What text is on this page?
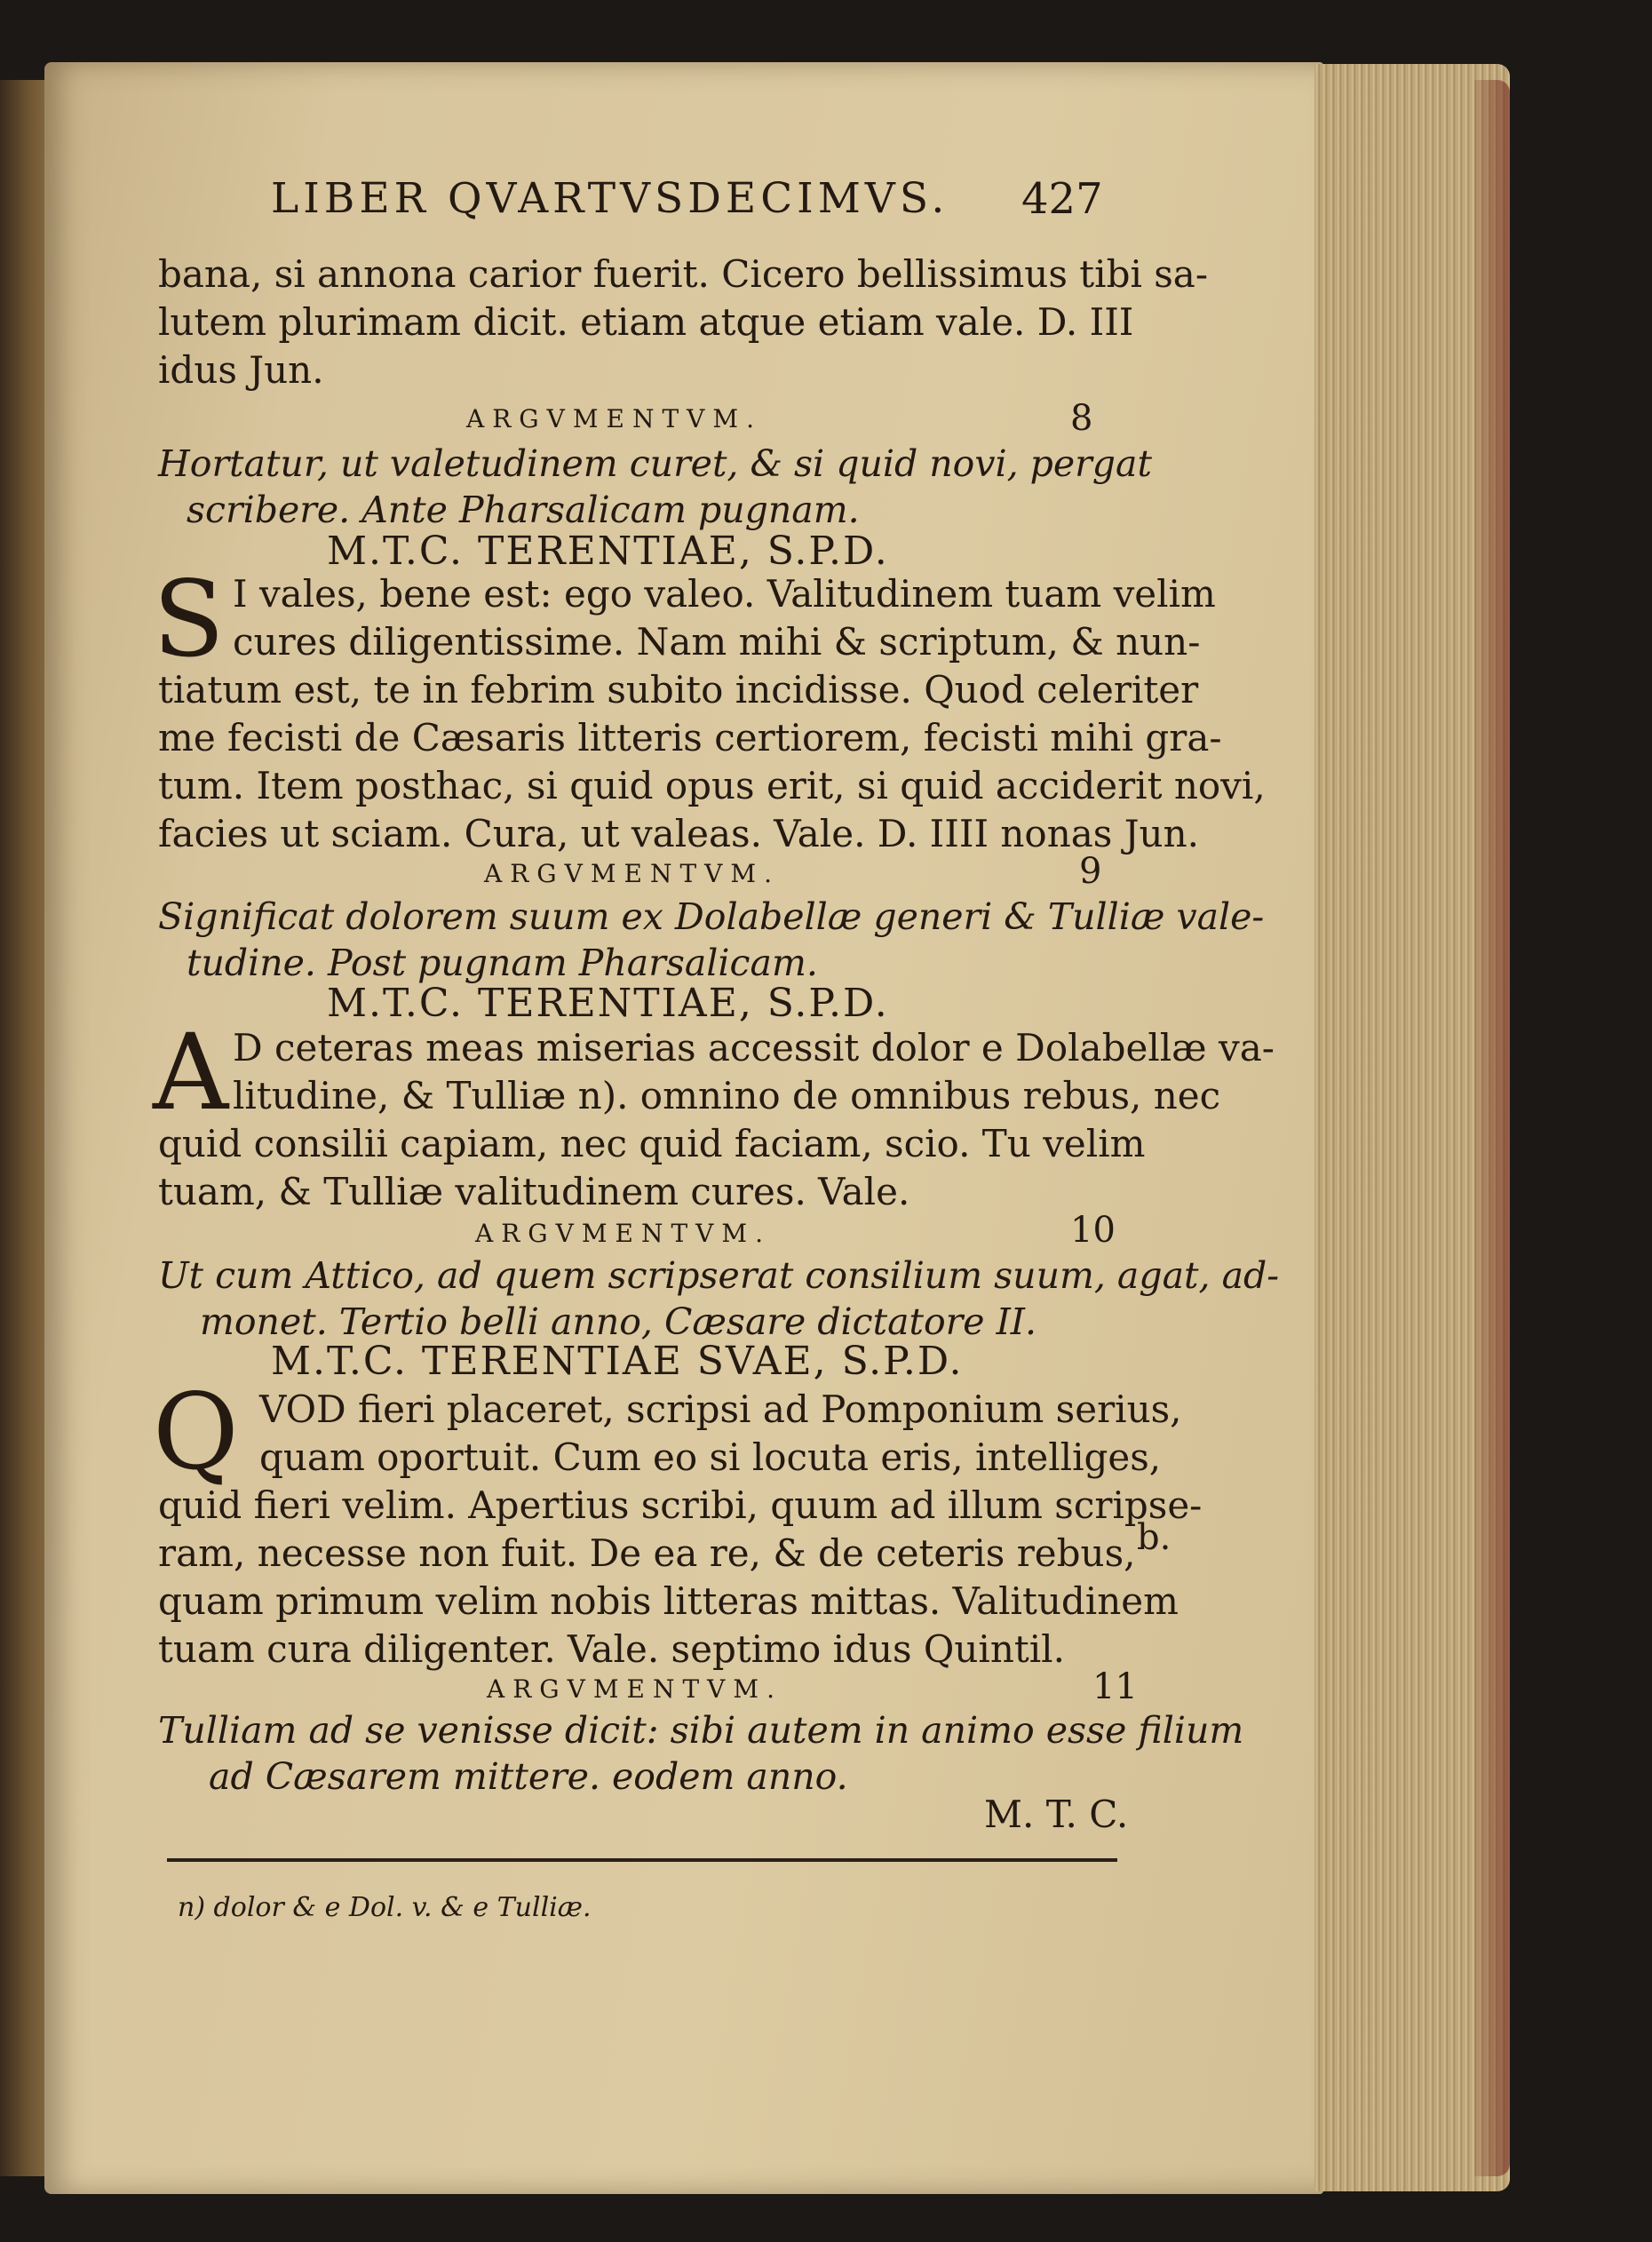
LIBER QVARTVSDECIMVS. 427
bana, si annona carior fuerit. Cicero bellissimus tibi sa-
lutem plurimam dicit. etiam atque etiam vale. D. III
idus Jun.
ARGVMENTVM.	8
Hortatur, ut valetudinem curet, & si quid novi, pergat
scribere. Ante Pharsalicam pugnam.
M.T.C. TERENTIAE, S.P.D.
S I vales, bene est: ego valeo. Valitudinem tuam velim
cures diligentissime. Nam mihi & scriptum, & nun-
tiatum est, te in febrim subito incidisse. Quod celeriter
me fecisti de Cæsaris litteris certiorem, fecisti mihi gra-
tum. Item posthac, si quid opus erit, si quid acciderit novi,
facies ut sciam. Cura, ut valeas. Vale. D. IIII nonas Jun.
ARGVMENTVM.	9
Significat dolorem suum ex Dolabellæ generi & Tulliæ vale-
tudine. Post pugnam Pharsalicam.
M.T.C. TERENTIAE, S.P.D.
A D ceteras meas miserias accessit dolor e Dolabellæ va-
litudine, & Tulliæ n). omnino de omnibus rebus, nec
quid consilii capiam, nec quid faciam, scio. Tu velim
tuam, & Tulliæ valitudinem cures. Vale.
ARGVMENTVM.	10
Ut cum Attico, ad quem scripserat consilium suum, agat, ad-
monet. Tertio belli anno, Cæsare dictatore II.
M.T.C. TERENTIAE SVAE, S.P.D.
Q VOD fieri placeret, scripsi ad Pomponium serius,
quam oportuit. Cum eo si locuta eris, intelliges,
quid fieri velim. Apertius scribi, quum ad illum scripse-
ram, necesse non fuit. De ea re, & de ceteris rebus,
quam primum velim nobis litteras mittas. Valitudinem
tuam cura diligenter. Vale. septimo idus Quintil.
b.
ARGVMENTVM.	11
Tulliam ad se venisse dicit: sibi autem in animo esse filium
ad Cæsarem mittere. eodem anno.
M. T. C.
n) dolor & e Dol. v. & e Tulliæ.
